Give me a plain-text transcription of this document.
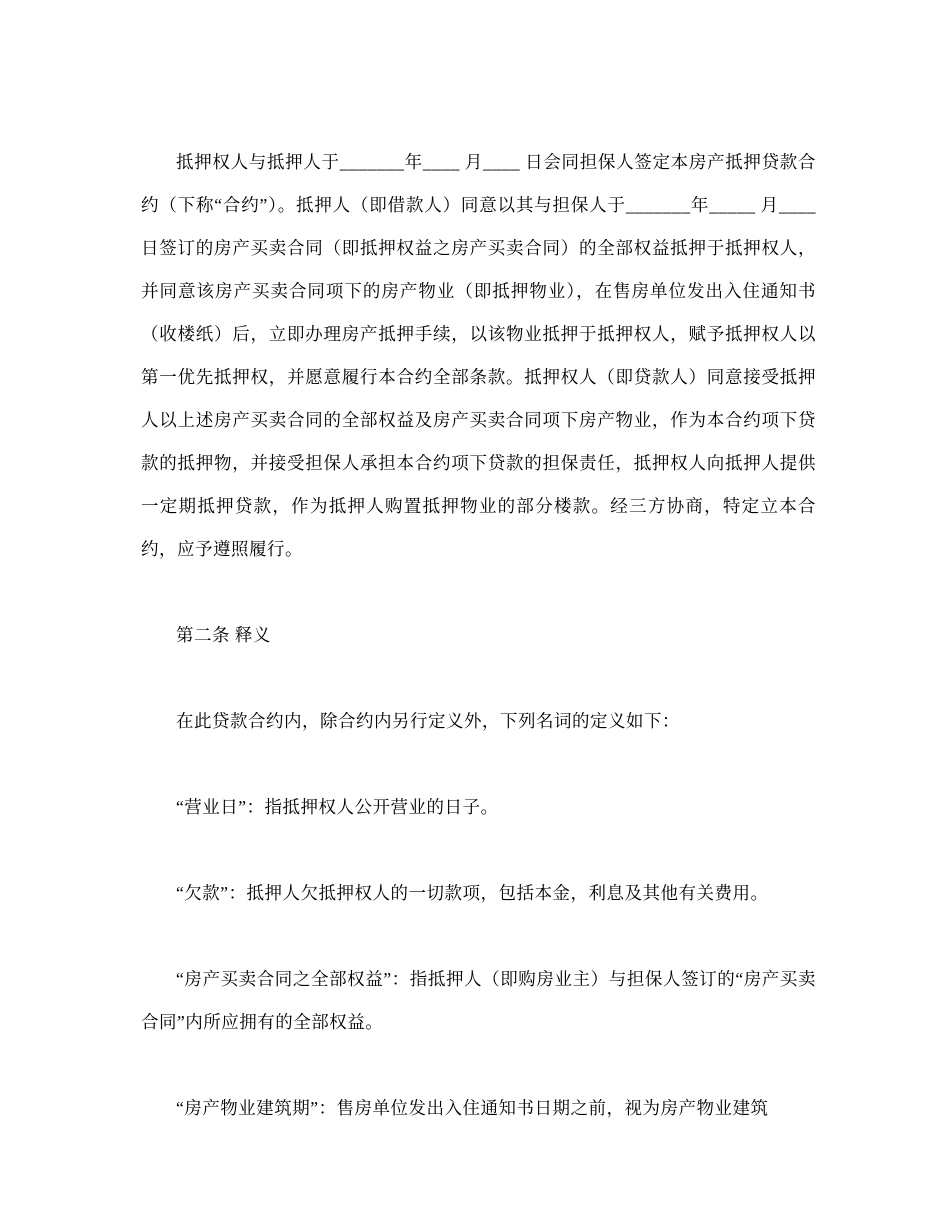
抵押权人与抵押人于_______年____ 月____ 日会同担保人签定本房产抵押贷款合约（下称“合约”）。抵押人（即借款人）同意以其与担保人于_______年_____ 月____ 日签订的房产买卖合同（即抵押权益之房产买卖合同）的全部权益抵押于抵押权人，并同意该房产买卖合同项下的房产物业（即抵押物业），在售房单位发出入住通知书（收楼纸）后，立即办理房产抵押手续，以该物业抵押于抵押权人，赋予抵押权人以第一优先抵押权，并愿意履行本合约全部条款。抵押权人（即贷款人）同意接受抵押人以上述房产买卖合同的全部权益及房产买卖合同项下房产物业，作为本合约项下贷款的抵押物，并接受担保人承担本合约项下贷款的担保责任，抵押权人向抵押人提供一定期抵押贷款，作为抵押人购置抵押物业的部分楼款。经三方协商，特定立本合约，应予遵照履行。

第二条 释义

在此贷款合约内，除合约内另行定义外，下列名词的定义如下：

“营业日”：指抵押权人公开营业的日子。

“欠款”：抵押人欠抵押权人的一切款项，包括本金，利息及其他有关费用。

“房产买卖合同之全部权益”：指抵押人（即购房业主）与担保人签订的“房产买卖合同”内所应拥有的全部权益。

“房产物业建筑期”：售房单位发出入住通知书日期之前，视为房产物业建筑
